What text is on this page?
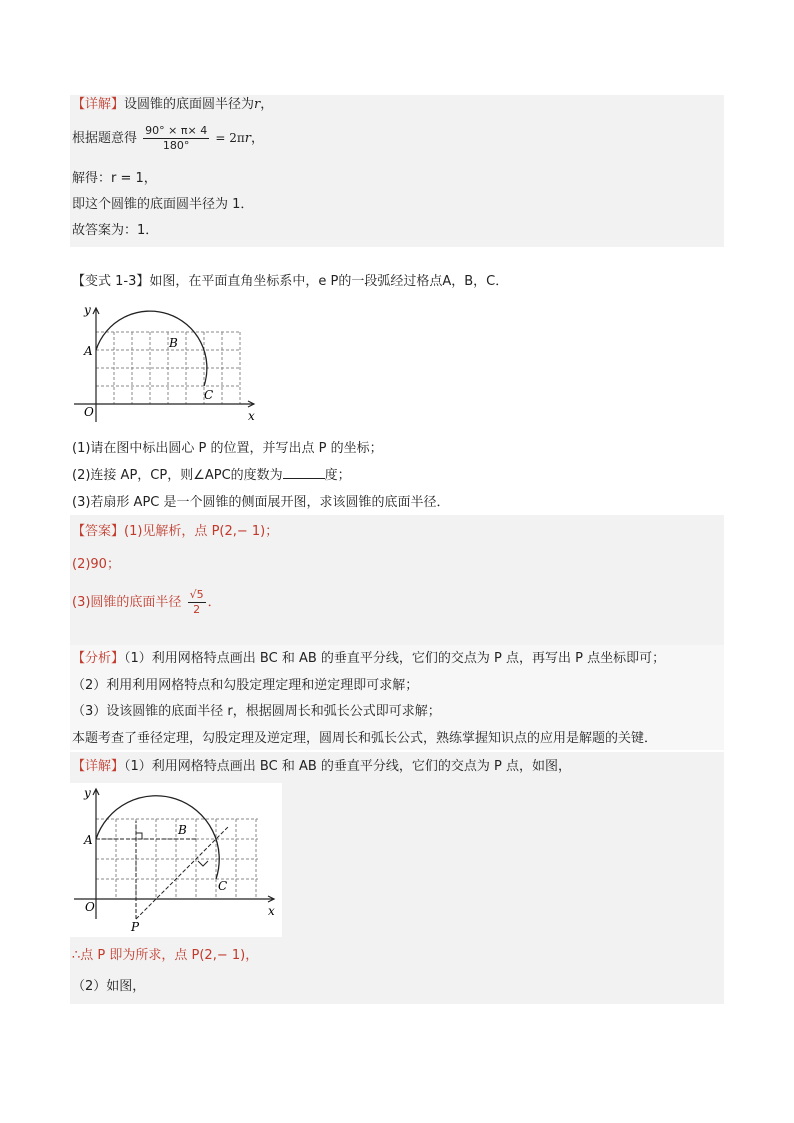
【详解】设圆锥的底面圆半径为r，
根据题意得 $\frac{90^\circ \times \pi\times 4}{180^\circ} = 2\pi r$，
解得：r = 1，
即这个圆锥的底面圆半径为 1．
故答案为：1．
【变式 1-3】如图，在平面直角坐标系中，e P的一段弧经过格点A，B，C．
y
x
O
A
B
C
(1)请在图中标出圆心 P 的位置，并写出点 P 的坐标；
(2)连接 AP，CP，则∠APC的度数为	度；
(3)若扇形 APC 是一个圆锥的侧面展开图，求该圆锥的底面半径．
【答案】(1)见解析，点 P(2,− 1)；
(2)90；
(3)圆锥的底面半径 $\frac{√5}{2}$ ．
【分析】（1）利用网格特点画出 BC 和 AB 的垂直平分线，它们的交点为 P 点，再写出 P 点坐标即可；
（2）利用利用网格特点和勾股定理定理和逆定理即可求解；
（3）设该圆锥的底面半径 r，根据圆周长和弧长公式即可求解；
本题考查了垂径定理，勾股定理及逆定理，圆周长和弧长公式，熟练掌握知识点的应用是解题的关键．
【详解】（1）利用网格特点画出 BC 和 AB 的垂直平分线，它们的交点为 P 点，如图，
y
x
O
A
B
C
P
∴点 P 即为所求，点 P(2,− 1)，
（2）如图，
